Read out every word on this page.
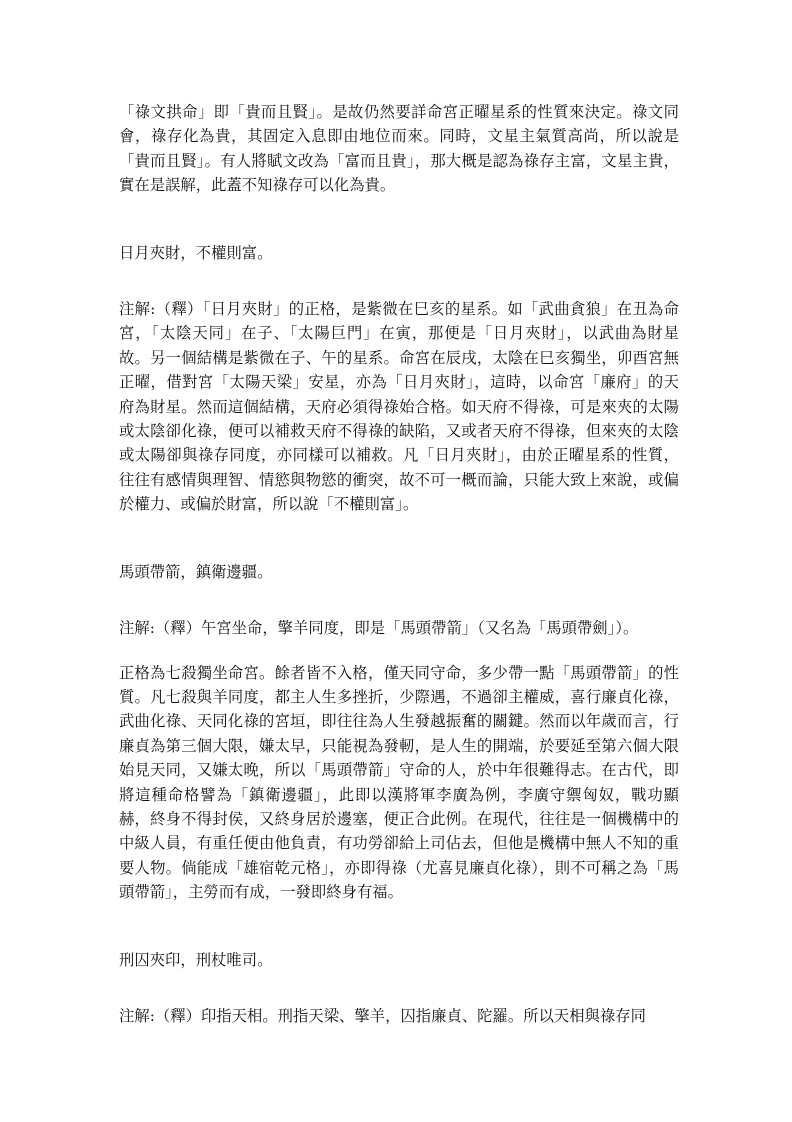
「祿文拱命」即「貴而且賢」。是故仍然要詳命宮正曜星系的性質來決定。祿文同會，祿存化為貴，其固定入息即由地位而來。同時，文星主氣質高尚，所以說是「貴而且賢」。有人將賦文改為「富而且貴」，那大概是認為祿存主富，文星主貴，實在是誤解，此蓋不知祿存可以化為貴。

日月夾財，不權則富。

注解:（釋）「日月夾財」的正格，是紫微在巳亥的星系。如「武曲貪狼」在丑為命宮，「太陰天同」在子、「太陽巨門」在寅，那便是「日月夾財」，以武曲為財星故。另一個結構是紫微在子、午的星系。命宮在辰戌，太陰在巳亥獨坐，卯酉宮無正曜，借對宮「太陽天梁」安星，亦為「日月夾財」，這時，以命宮「廉府」的天府為財星。然而這個結構，天府必須得祿始合格。如天府不得祿，可是來夾的太陽或太陰卻化祿，便可以補救天府不得祿的缺陷，又或者天府不得祿，但來夾的太陰或太陽卻與祿存同度，亦同樣可以補救。凡「日月夾財」，由於正曜星系的性質，往往有感情與理智、情慾與物慾的衝突，故不可一概而論，只能大致上來說，或偏於權力、或偏於財富，所以說「不權則富」。

馬頭帶箭，鎮衛邊疆。

注解:（釋）午宮坐命，擎羊同度，即是「馬頭帶箭」（又名為「馬頭帶劍」）。

正格為七殺獨坐命宮。餘者皆不入格，僅天同守命，多少帶一點「馬頭帶箭」的性質。凡七殺與羊同度，都主人生多挫折，少際遇，不過卻主權威，喜行廉貞化祿，武曲化祿、天同化祿的宮垣，即往往為人生發越振奮的關鍵。然而以年歲而言，行廉貞為第三個大限，嫌太早，只能視為發軔，是人生的開端，於要延至第六個大限始見天同，又嫌太晚，所以「馬頭帶箭」守命的人，於中年很難得志。在古代，即將這種命格譬為「鎮衛邊疆」，此即以漢將軍李廣為例，李廣守禦匈奴，戰功顯赫，終身不得封侯，又終身居於邊塞，便正合此例。在現代，往往是一個機構中的中級人員，有重任便由他負責，有功勞卻給上司佔去，但他是機構中無人不知的重要人物。倘能成「雄宿乾元格」，亦即得祿（尤喜見廉貞化祿），則不可稱之為「馬頭帶箭」，主勞而有成，一發即終身有福。

刑囚夾印，刑杖唯司。

注解:（釋）印指天相。刑指天梁、擎羊，囚指廉貞、陀羅。所以天相與祿存同
